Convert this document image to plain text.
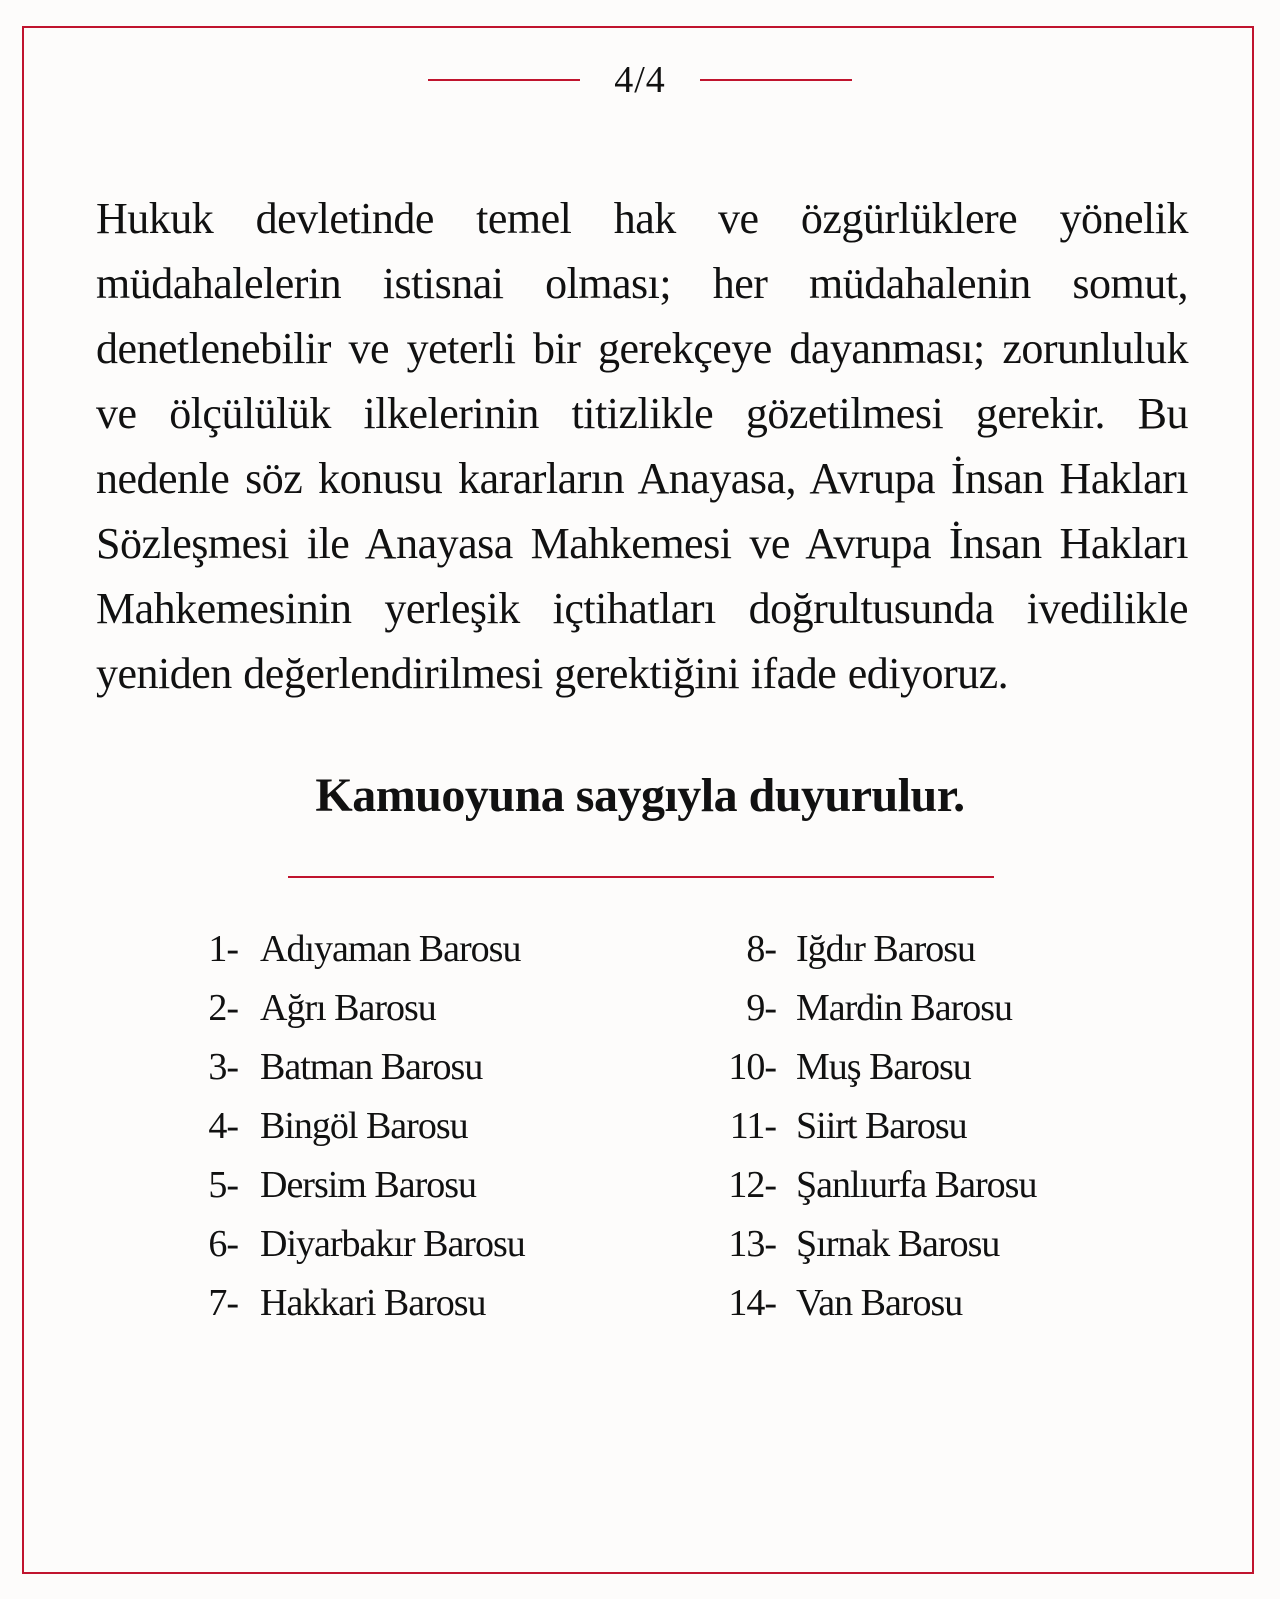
4/4

Hukuk devletinde temel hak ve özgürlüklere yönelik müdahalelerin istisnai olması; her müdahalenin somut, denetlenebilir ve yeterli bir gerekçeye dayanması; zorunluluk ve ölçülülük ilkelerinin titizlikle gözetilmesi gerekir. Bu nedenle söz konusu kararların Anayasa, Avrupa İnsan Hakları Sözleşmesi ile Anayasa Mahkemesi ve Avrupa İnsan Hakları Mahkemesinin yerleşik içtihatları doğrultusunda ivedilikle yeniden değerlendirilmesi gerektiğini ifade ediyoruz.

Kamuoyuna saygıyla duyurulur.

1- Adıyaman Barosu
2- Ağrı Barosu
3- Batman Barosu
4- Bingöl Barosu
5- Dersim Barosu
6- Diyarbakır Barosu
7- Hakkari Barosu
8- Iğdır Barosu
9- Mardin Barosu
10- Muş Barosu
11- Siirt Barosu
12- Şanlıurfa Barosu
13- Şırnak Barosu
14- Van Barosu
